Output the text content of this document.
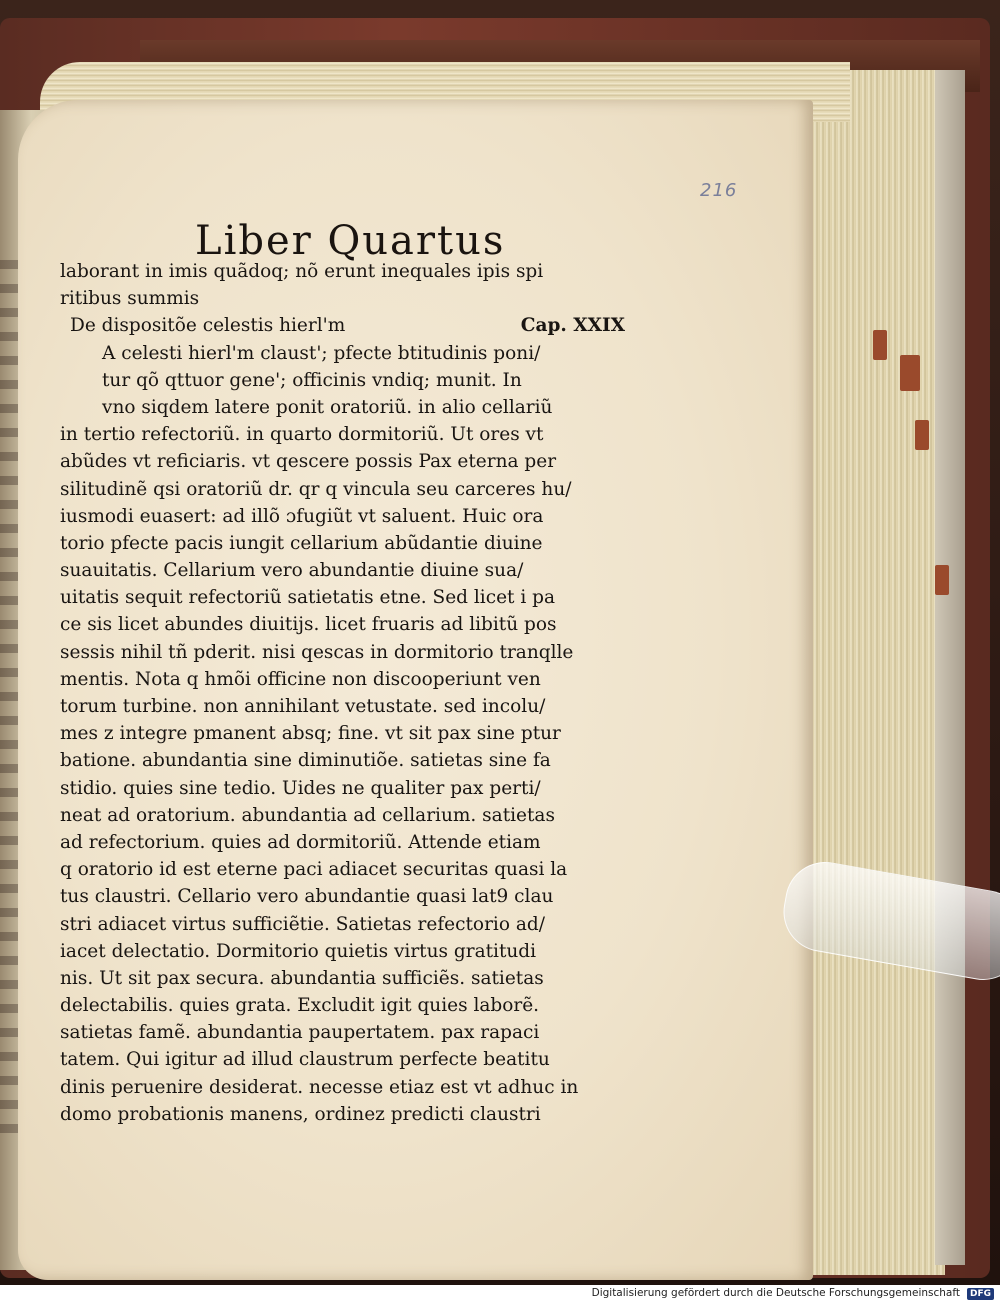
216
Liber Quartus
laborant in imis quãdoq; nõ erunt inequales ipis spi
ritibus summis
De dispositõe celestis hierl'm	Cap. XXIX
A celesti hierl'm claust'; pfecte btitudinis poni/
tur qõ qttuor gene'; officinis vndiq; munit. In
vno siqdem latere ponit oratoriũ. in alio cellariũ
in tertio refectoriũ. in quarto dormitoriũ. Ut ores vt
abũdes vt reficiaris. vt qescere possis Pax eterna per
silitudinẽ qsi oratoriũ dr. qr q vincula seu carceres hu/
iusmodi euasert: ad illõ ɔfugiũt vt saluent. Huic ora
torio pfecte pacis iungit cellarium abũdantie diuine
suauitatis. Cellarium vero abundantie diuine sua/
uitatis sequit refectoriũ satietatis etne. Sed licet i pa
ce sis licet abundes diuitijs. licet fruaris ad libitũ pos
sessis nihil tñ pderit. nisi qescas in dormitorio tranqlle
mentis. Nota q hmõi officine non discooperiunt ven
torum turbine. non annihilant vetustate. sed incolu/
mes z integre pmanent absq; fine. vt sit pax sine ptur
batione. abundantia sine diminutiõe. satietas sine fa
stidio. quies sine tedio. Uides ne qualiter pax perti/
neat ad oratorium. abundantia ad cellarium. satietas
ad refectorium. quies ad dormitoriũ. Attende etiam
q oratorio id est eterne paci adiacet securitas quasi la
tus claustri. Cellario vero abundantie quasi lat9 clau
stri adiacet virtus sufficiẽtie. Satietas refectorio ad/
iacet delectatio. Dormitorio quietis virtus gratitudi
nis. Ut sit pax secura. abundantia sufficiẽs. satietas
delectabilis. quies grata. Excludit igit quies laborẽ.
satietas famẽ. abundantia paupertatem. pax rapaci
tatem. Qui igitur ad illud claustrum perfecte beatitu
dinis peruenire desiderat. necesse etiaz est vt adhuc in
domo probationis manens, ordinez predicti claustri
Digitalisierung gefördert durch die Deutsche Forschungsgemeinschaft	DFG
